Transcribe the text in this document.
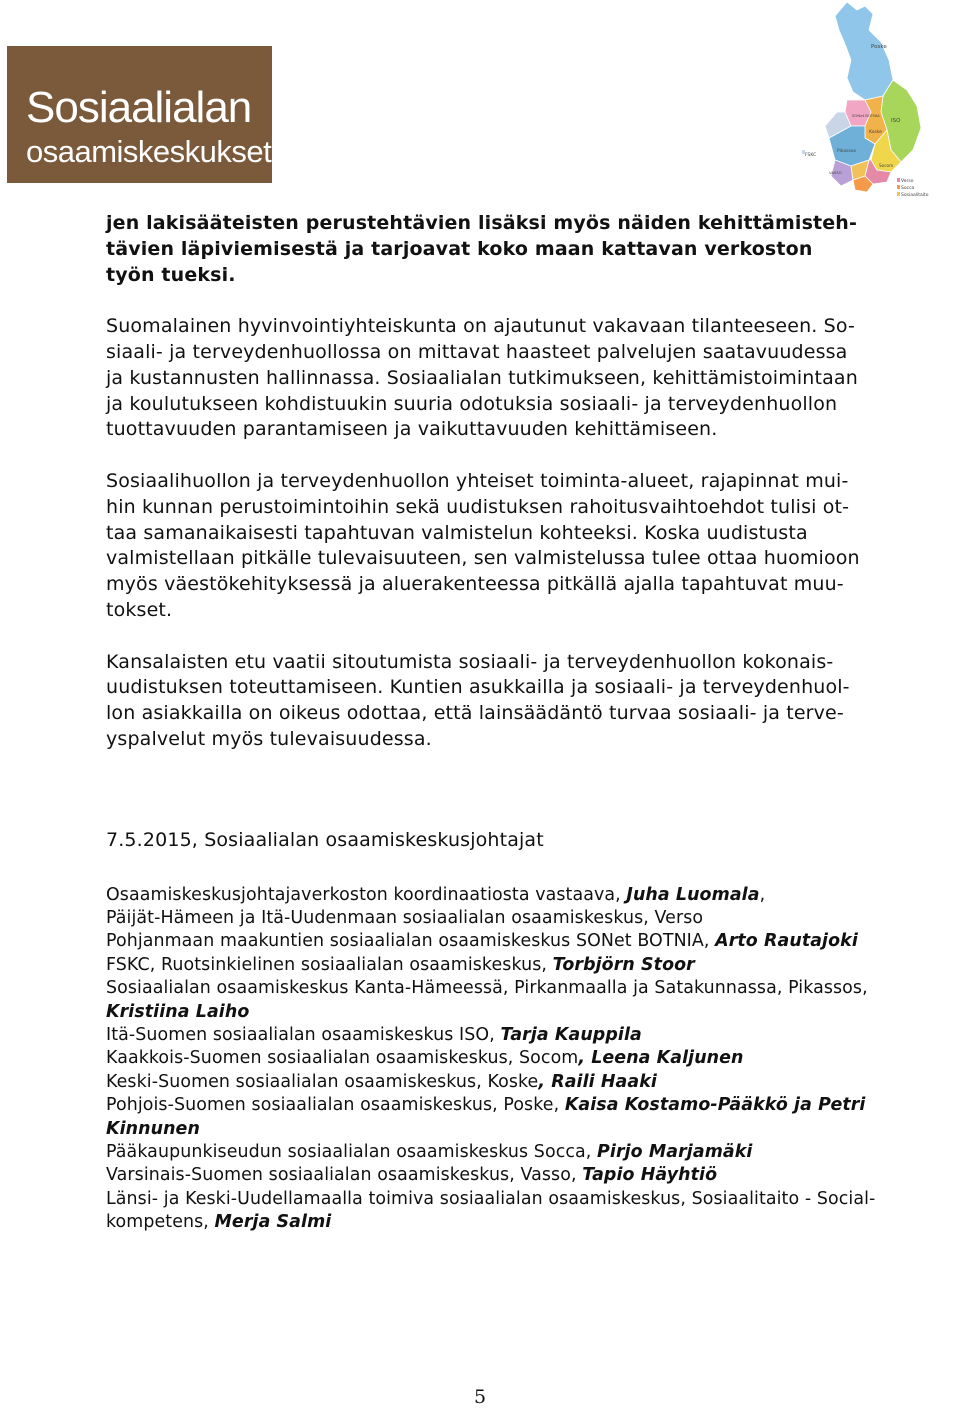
Sosiaalialan
osaamiskeskukset
Poske
SONet BOTNIA
Koske
ISO
FSKC
Pikassos
VASSO
Socom
Verso
Socca
Sosiaalitaito

jen lakisääteisten perustehtävien lisäksi myös näiden kehittämisteh-
tävien läpiviemisestä ja tarjoavat koko maan kattavan verkoston
työn tueksi.

Suomalainen hyvinvointiyhteiskunta on ajautunut vakavaan tilanteeseen. So-
siaali- ja terveydenhuollossa on mittavat haasteet palvelujen saatavuudessa
ja kustannusten hallinnassa. Sosiaalialan tutkimukseen, kehittämistoimintaan
ja koulutukseen kohdistuukin suuria odotuksia sosiaali- ja terveydenhuollon
tuottavuuden parantamiseen ja vaikuttavuuden kehittämiseen.

Sosiaalihuollon ja terveydenhuollon yhteiset toiminta-alueet, rajapinnat mui-
hin kunnan perustoimintoihin sekä uudistuksen rahoitusvaihtoehdot tulisi ot-
taa samanaikaisesti tapahtuvan valmistelun kohteeksi. Koska uudistusta
valmistellaan pitkälle tulevaisuuteen, sen valmistelussa tulee ottaa huomioon
myös väestökehityksessä ja aluerakenteessa pitkällä ajalla tapahtuvat muu-
tokset.

Kansalaisten etu vaatii sitoutumista sosiaali- ja terveydenhuollon kokonais-
uudistuksen toteuttamiseen. Kuntien asukkailla ja sosiaali- ja terveydenhuol-
lon asiakkailla on oikeus odottaa, että lainsäädäntö turvaa sosiaali- ja terve-
yspalvelut myös tulevaisuudessa.

7.5.2015, Sosiaalialan osaamiskeskusjohtajat

Osaamiskeskusjohtajaverkoston koordinaatiosta vastaava, Juha Luomala,

Päijät-Hämeen ja Itä-Uudenmaan sosiaalialan osaamiskeskus, Verso

Pohjanmaan maakuntien sosiaalialan osaamiskeskus SONet BOTNIA, Arto Rautajoki

FSKC, Ruotsinkielinen sosiaalialan osaamiskeskus, Torbjörn Stoor

Sosiaalialan osaamiskeskus Kanta-Hämeessä, Pirkanmaalla ja Satakunnassa, Pikassos, Kristiina Laiho

Itä-Suomen sosiaalialan osaamiskeskus ISO, Tarja Kauppila

Kaakkois-Suomen sosiaalialan osaamiskeskus, Socom, Leena Kaljunen

Keski-Suomen sosiaalialan osaamiskeskus, Koske, Raili Haaki

Pohjois-Suomen sosiaalialan osaamiskeskus, Poske, Kaisa Kostamo-Pääkkö ja Petri Kinnunen

Pääkaupunkiseudun sosiaalialan osaamiskeskus Socca, Pirjo Marjamäki

Varsinais-Suomen sosiaalialan osaamiskeskus, Vasso, Tapio Häyhtiö

Länsi- ja Keski-Uudellamaalla toimiva sosiaalialan osaamiskeskus, Sosiaalitaito - Social- kompetens, Merja Salmi

5
